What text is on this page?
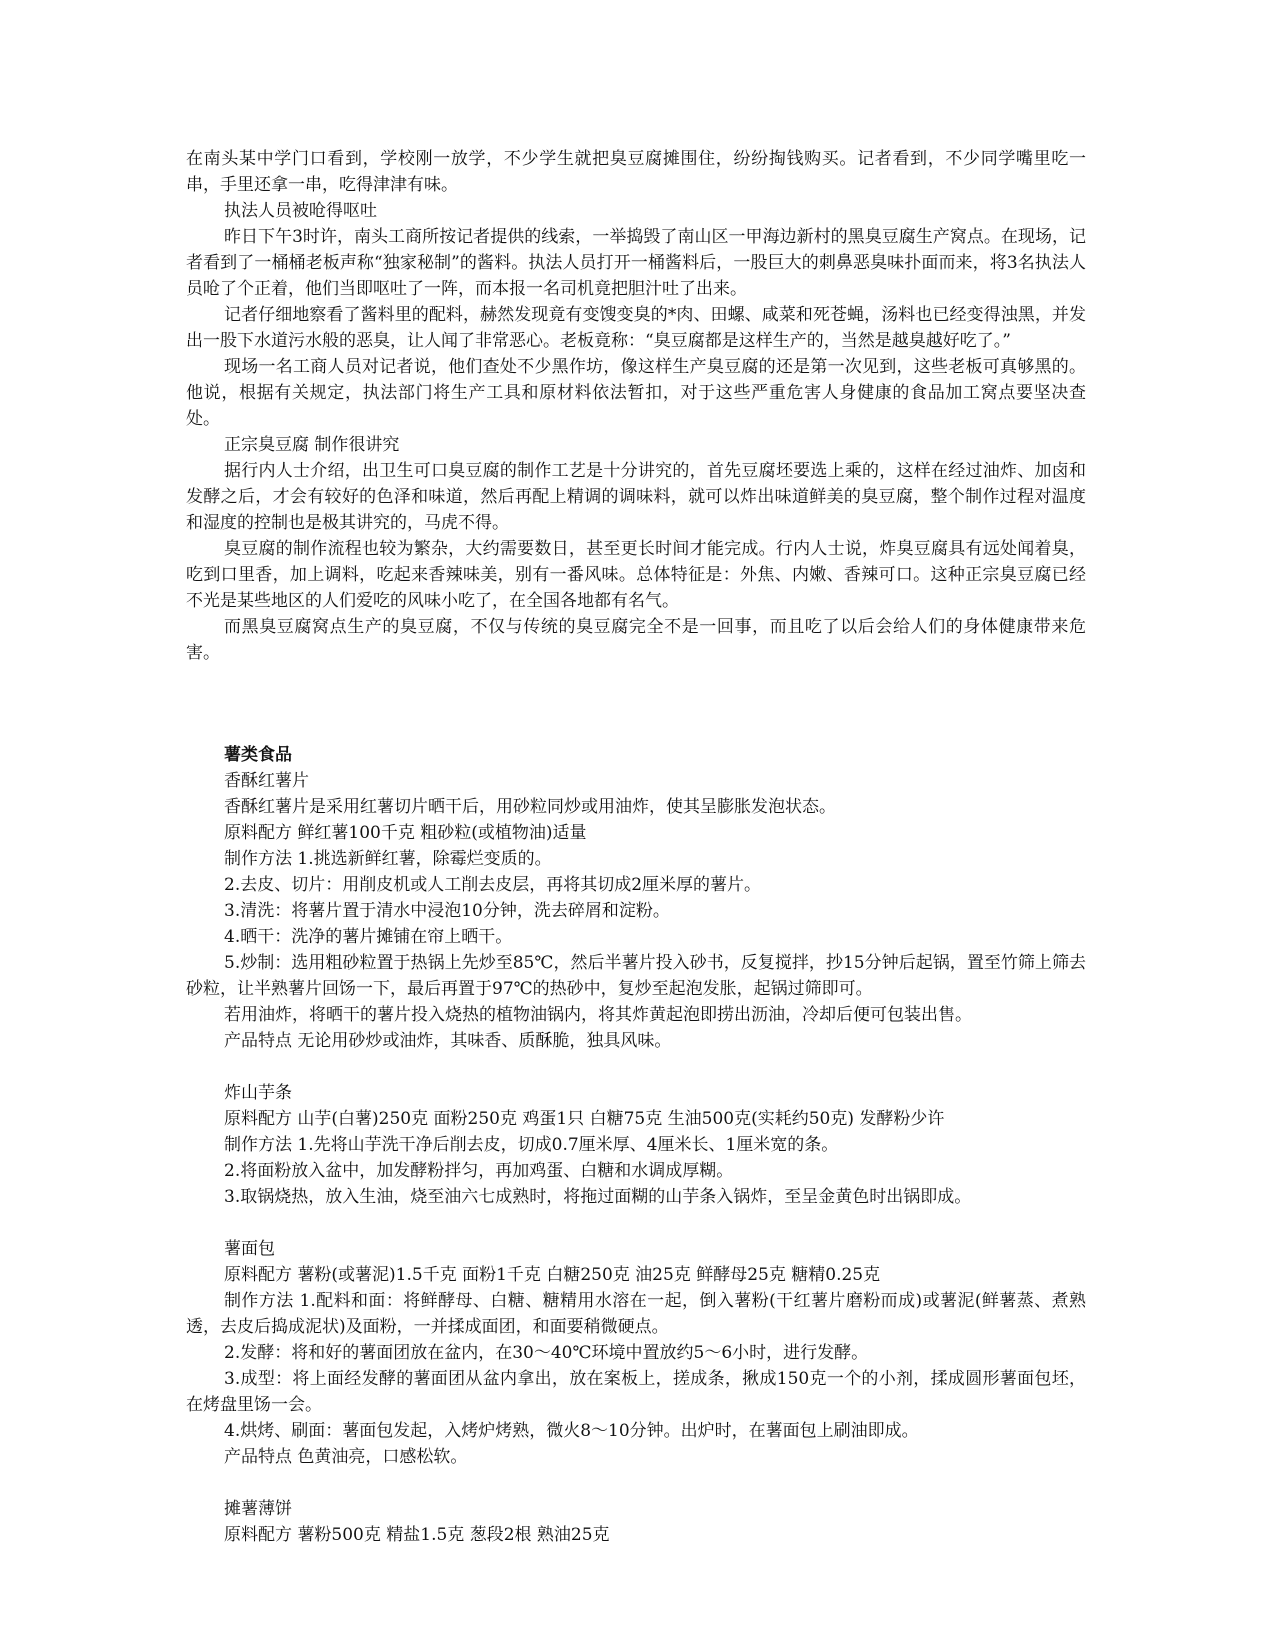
在南头某中学门口看到，学校刚一放学，不少学生就把臭豆腐摊围住，纷纷掏钱购买。记者看到，不少同学嘴里吃一串，手里还拿一串，吃得津津有味。

执法人员被呛得呕吐

昨日下午3时许，南头工商所按记者提供的线索，一举捣毁了南山区一甲海边新村的黑臭豆腐生产窝点。在现场，记者看到了一桶桶老板声称“独家秘制”的酱料。执法人员打开一桶酱料后，一股巨大的刺鼻恶臭味扑面而来，将3名执法人员呛了个正着，他们当即呕吐了一阵，而本报一名司机竟把胆汁吐了出来。

记者仔细地察看了酱料里的配料，赫然发现竟有变馊变臭的*肉、田螺、咸菜和死苍蝇，汤料也已经变得浊黑，并发出一股下水道污水般的恶臭，让人闻了非常恶心。老板竟称：“臭豆腐都是这样生产的，当然是越臭越好吃了。”

现场一名工商人员对记者说，他们查处不少黑作坊，像这样生产臭豆腐的还是第一次见到，这些老板可真够黑的。他说，根据有关规定，执法部门将生产工具和原材料依法暂扣，对于这些严重危害人身健康的食品加工窝点要坚决查处。

正宗臭豆腐 制作很讲究

据行内人士介绍，出卫生可口臭豆腐的制作工艺是十分讲究的，首先豆腐坯要选上乘的，这样在经过油炸、加卤和发酵之后，才会有较好的色泽和味道，然后再配上精调的调味料，就可以炸出味道鲜美的臭豆腐，整个制作过程对温度和湿度的控制也是极其讲究的，马虎不得。

臭豆腐的制作流程也较为繁杂，大约需要数日，甚至更长时间才能完成。行内人士说，炸臭豆腐具有远处闻着臭，吃到口里香，加上调料，吃起来香辣味美，别有一番风味。总体特征是：外焦、内嫩、香辣可口。这种正宗臭豆腐已经不光是某些地区的人们爱吃的风味小吃了，在全国各地都有名气。

而黑臭豆腐窝点生产的臭豆腐，不仅与传统的臭豆腐完全不是一回事，而且吃了以后会给人们的身体健康带来危害。

薯类食品

香酥红薯片

香酥红薯片是采用红薯切片晒干后，用砂粒同炒或用油炸，使其呈膨胀发泡状态。

原料配方 鲜红薯100千克 粗砂粒(或植物油)适量

制作方法 1.挑选新鲜红薯，除霉烂变质的。

2.去皮、切片：用削皮机或人工削去皮层，再将其切成2厘米厚的薯片。

3.清洗：将薯片置于清水中浸泡10分钟，洗去碎屑和淀粉。

4.晒干：洗净的薯片摊铺在帘上晒干。

5.炒制：选用粗砂粒置于热锅上先炒至85℃，然后半薯片投入砂书，反复搅拌，抄15分钟后起锅，置至竹筛上筛去砂粒，让半熟薯片回饧一下，最后再置于97℃的热砂中，复炒至起泡发胀，起锅过筛即可。

若用油炸，将晒干的薯片投入烧热的植物油锅内，将其炸黄起泡即捞出沥油，冷却后便可包装出售。

产品特点 无论用砂炒或油炸，其味香、质酥脆，独具风味。

炸山芋条

原料配方 山芋(白薯)250克 面粉250克 鸡蛋1只 白糖75克 生油500克(实耗约50克) 发酵粉少许

制作方法 1.先将山芋洗干净后削去皮，切成0.7厘米厚、4厘米长、1厘米宽的条。

2.将面粉放入盆中，加发酵粉拌匀，再加鸡蛋、白糖和水调成厚糊。

3.取锅烧热，放入生油，烧至油六七成熟时，将拖过面糊的山芋条入锅炸，至呈金黄色时出锅即成。

薯面包

原料配方 薯粉(或薯泥)1.5千克 面粉1千克 白糖250克 油25克 鲜酵母25克 糖精0.25克

制作方法 1.配料和面：将鲜酵母、白糖、糖精用水溶在一起，倒入薯粉(干红薯片磨粉而成)或薯泥(鲜薯蒸、煮熟透，去皮后捣成泥状)及面粉，一并揉成面团，和面要稍微硬点。

2.发酵：将和好的薯面团放在盆内，在30～40℃环境中置放约5～6小时，进行发酵。

3.成型：将上面经发酵的薯面团从盆内拿出，放在案板上，搓成条，揪成150克一个的小剂，揉成圆形薯面包坯，在烤盘里饧一会。

4.烘烤、刷面：薯面包发起，入烤炉烤熟，微火8～10分钟。出炉时，在薯面包上刷油即成。

产品特点 色黄油亮，口感松软。

摊薯薄饼

原料配方 薯粉500克 精盐1.5克 葱段2根 熟油25克
